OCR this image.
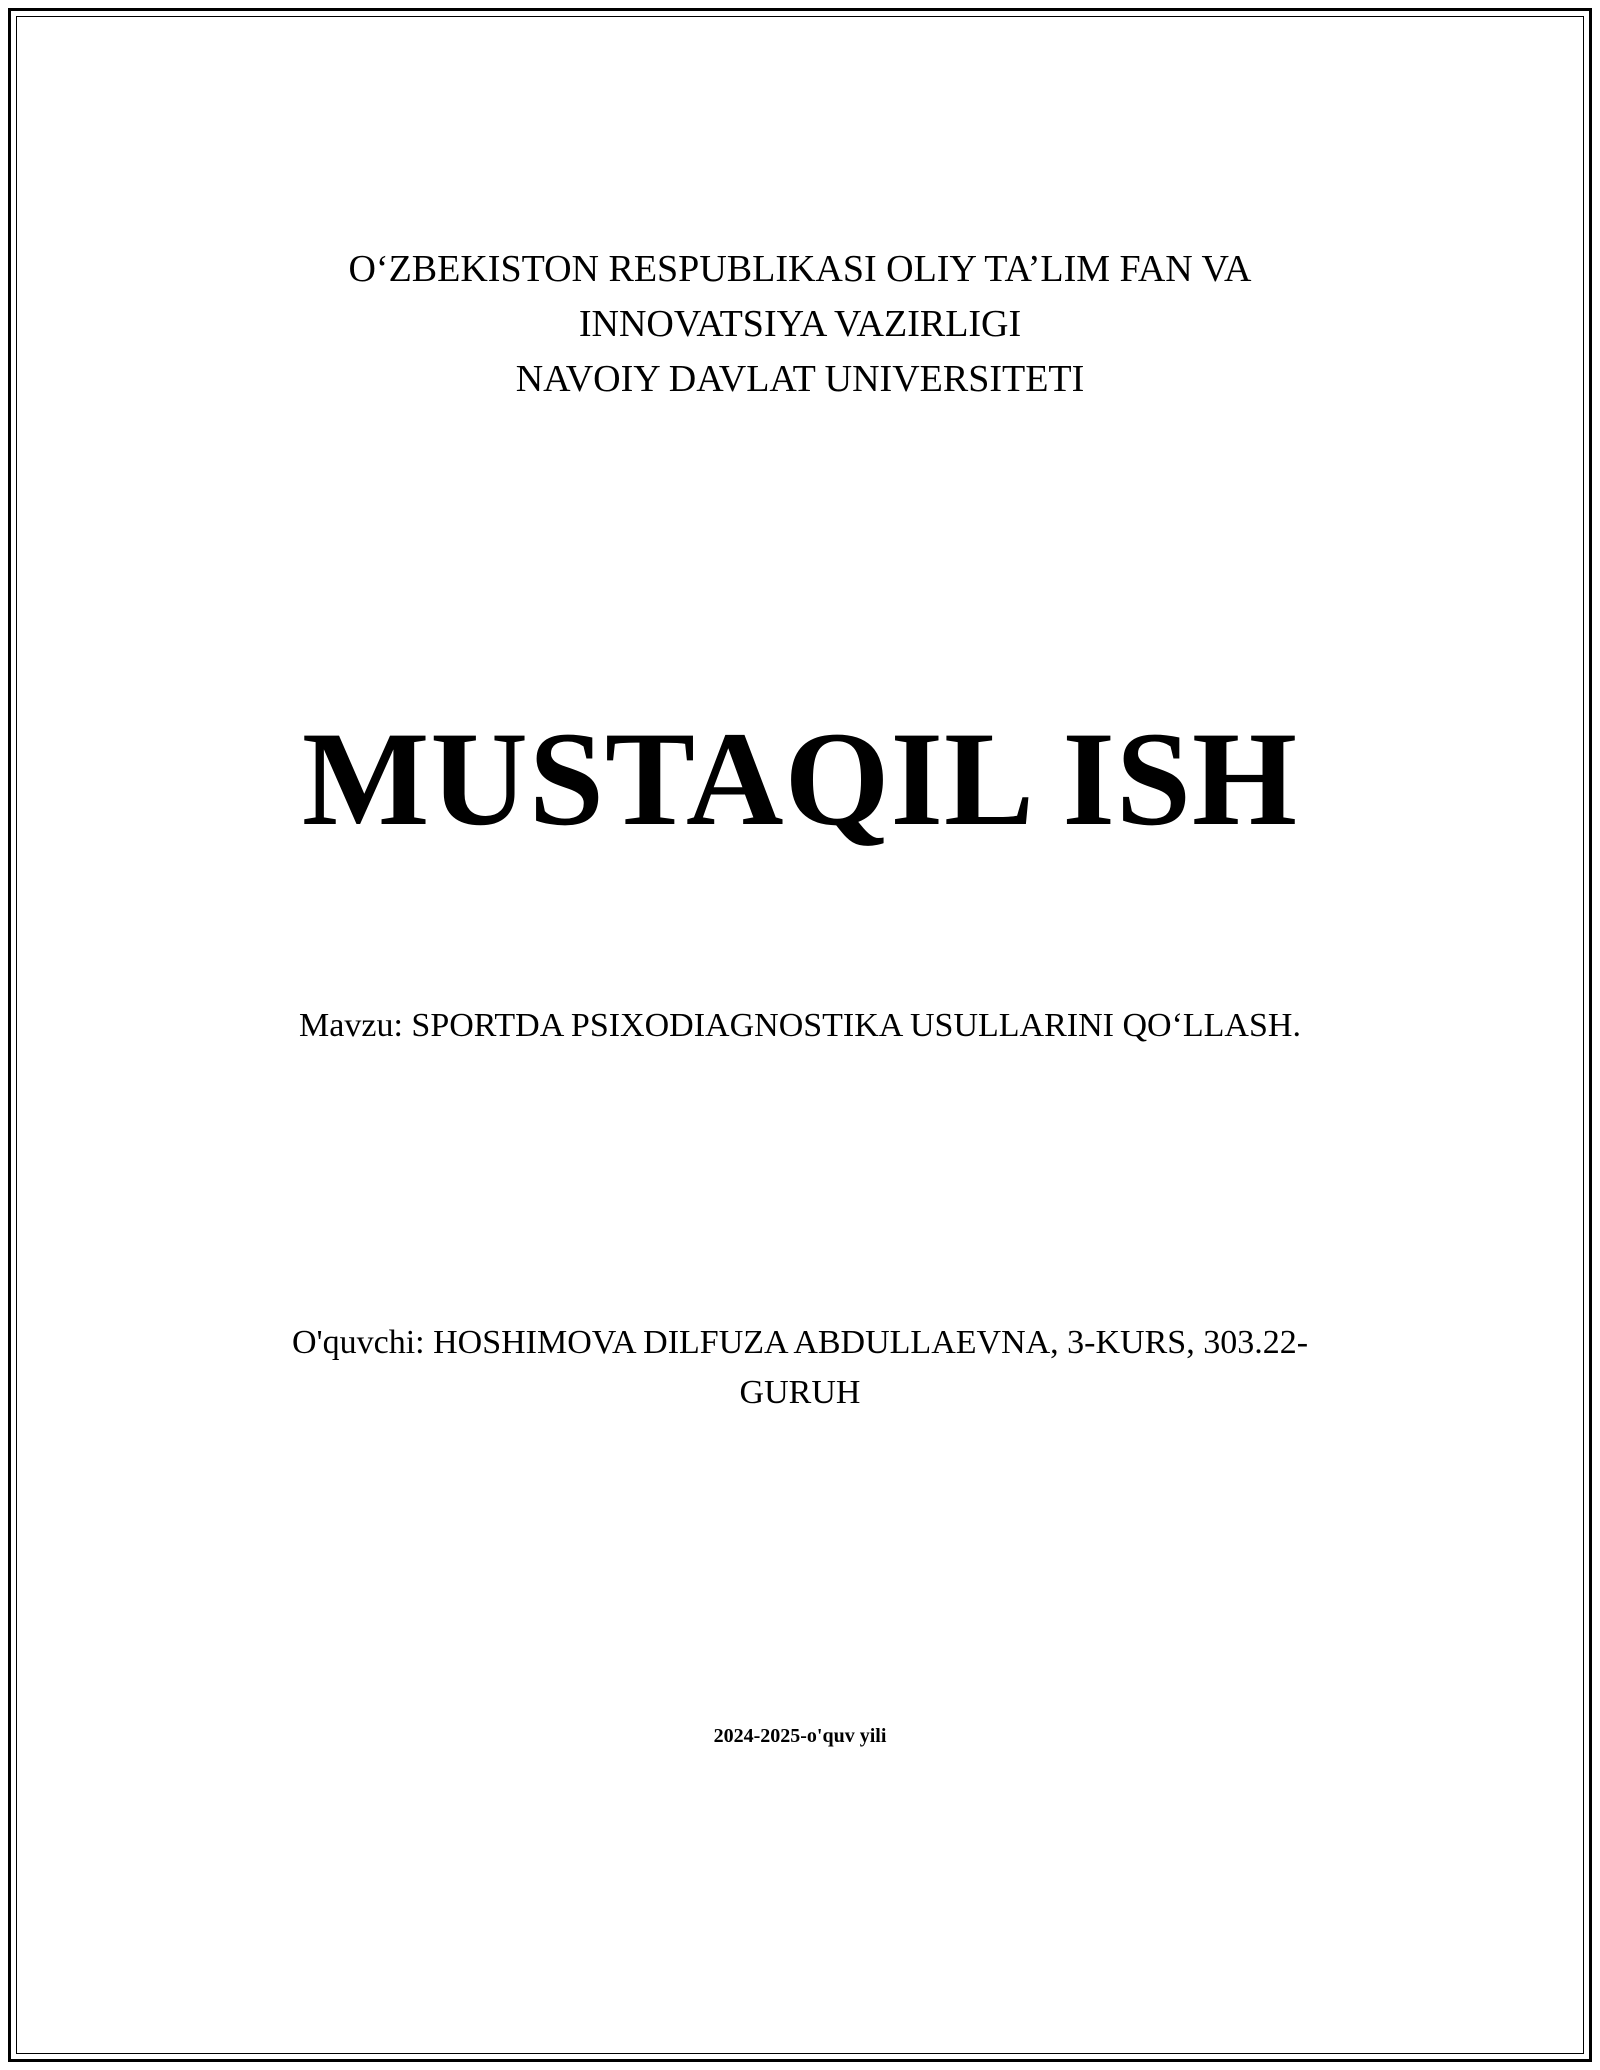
O‘ZBEKISTON RESPUBLIKASI OLIY TA’LIM FAN VA
INNOVATSIYA VAZIRLIGI
NAVOIY DAVLAT UNIVERSITETI
MUSTAQIL ISH
Mavzu: SPORTDA PSIXODIAGNOSTIKA USULLARINI QO‘LLASH.
O'quvchi: HOSHIMOVA DILFUZA ABDULLAEVNA, 3-KURS, 303.22-
GURUH
2024-2025-o'quv yili
